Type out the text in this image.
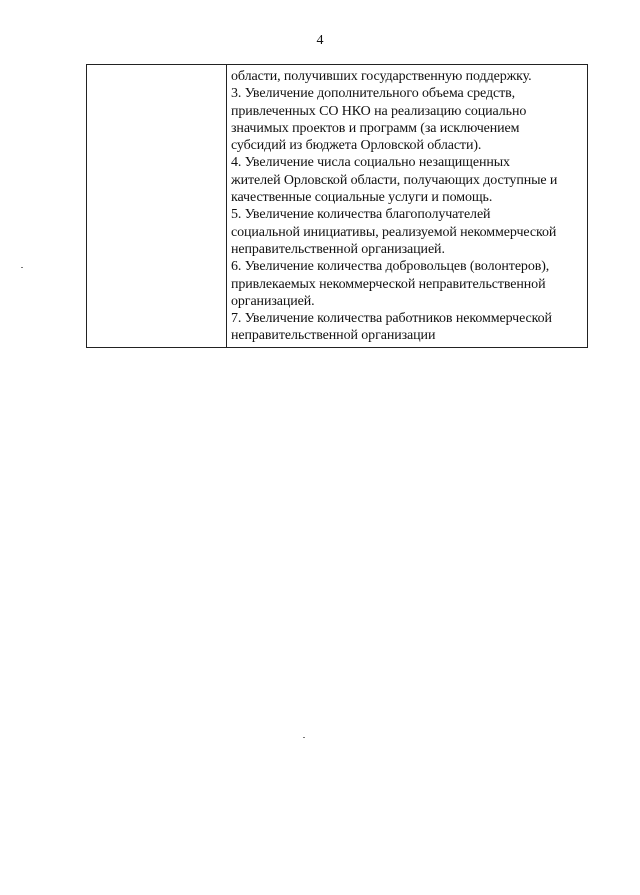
4

области, получивших государственную поддержку.
3. Увеличение дополнительного объема средств,
привлеченных СО НКО на реализацию социально
значимых проектов и программ (за исключением
субсидий из бюджета Орловской области).
4. Увеличение числа социально незащищенных
жителей Орловской области, получающих доступные и
качественные социальные услуги и помощь.
5. Увеличение количества благополучателей
социальной инициативы, реализуемой некоммерческой
неправительственной организацией.
6. Увеличение количества добровольцев (волонтеров),
привлекаемых некоммерческой неправительственной
организацией.
7. Увеличение количества работников некоммерческой
неправительственной организации
